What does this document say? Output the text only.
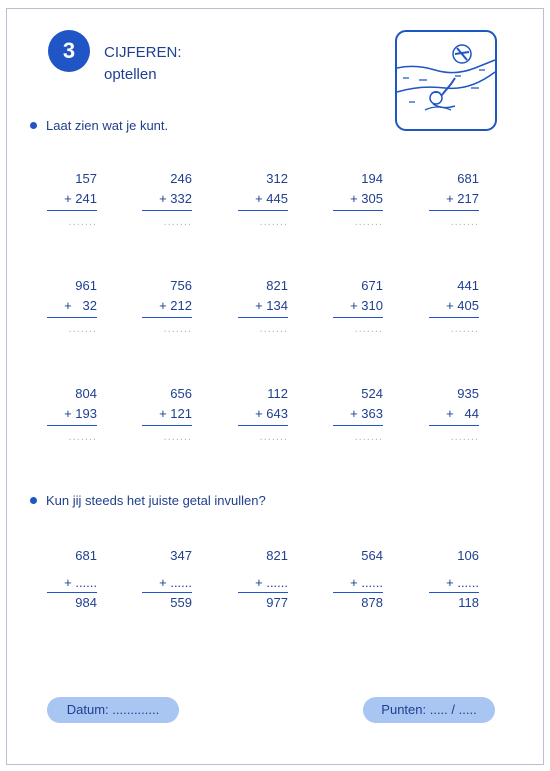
3	CIJFEREN:
optellen
Laat zien wat je kunt.
157
+ 241
.......
246
+ 332
.......
312
+ 445
.......
194
+ 305
.......
681
+ 217
.......
961
+   32
.......
756
+ 212
.......
821
+ 134
.......
671
+ 310
.......
441
+ 405
.......
804
+ 193
.......
656
+ 121
.......
112
+ 643
.......
524
+ 363
.......
935
+   44
.......
Kun jij steeds het juiste getal invullen?
681
+ ......
984
347
+ ......
559
821
+ ......
977
564
+ ......
878
106
+ ......
118
Datum: .............	Punten: ..... / .....
